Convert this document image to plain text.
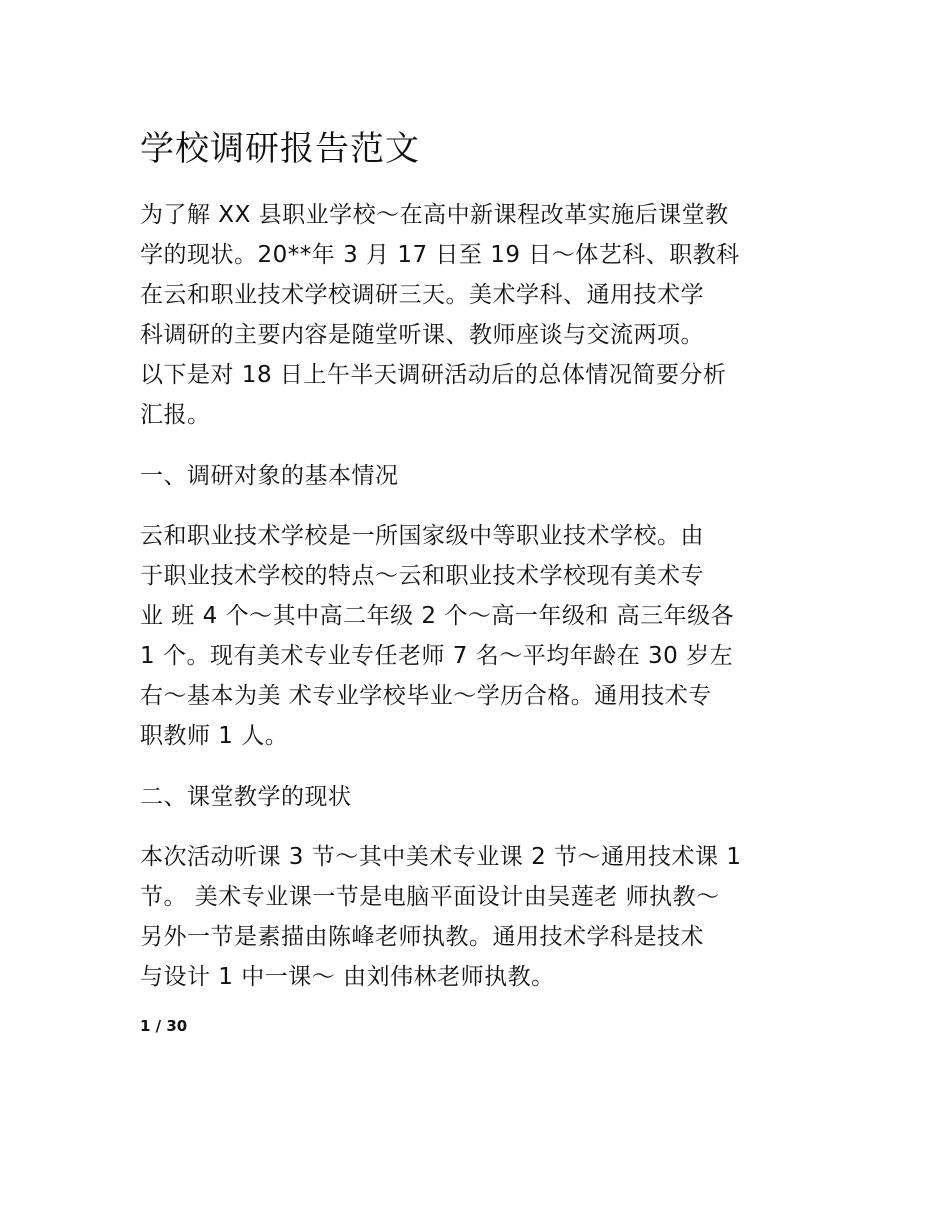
学校调研报告范文

为了解 XX 县职业学校～在高中新课程改革实施后课堂教

学的现状。20**年 3 月 17 日至 19 日～体艺科、职教科

在云和职业技术学校调研三天。美术学科、通用技术学

科调研的主要内容是随堂听课、教师座谈与交流两项。

以下是对 18 日上午半天调研活动后的总体情况简要分析

汇报。

一、调研对象的基本情况

云和职业技术学校是一所国家级中等职业技术学校。由

于职业技术学校的特点～云和职业技术学校现有美术专

业 班 4 个～其中高二年级 2 个～高一年级和 高三年级各

1 个。现有美术专业专任老师 7 名～平均年龄在 30 岁左

右～基本为美 术专业学校毕业～学历合格。通用技术专

职教师 1 人。

二、课堂教学的现状

本次活动听课 3 节～其中美术专业课 2 节～通用技术课 1

节。 美术专业课一节是电脑平面设计由吴莲老 师执教～

另外一节是素描由陈峰老师执教。通用技术学科是技术

与设计 1 中一课～ 由刘伟林老师执教。

1 / 30
